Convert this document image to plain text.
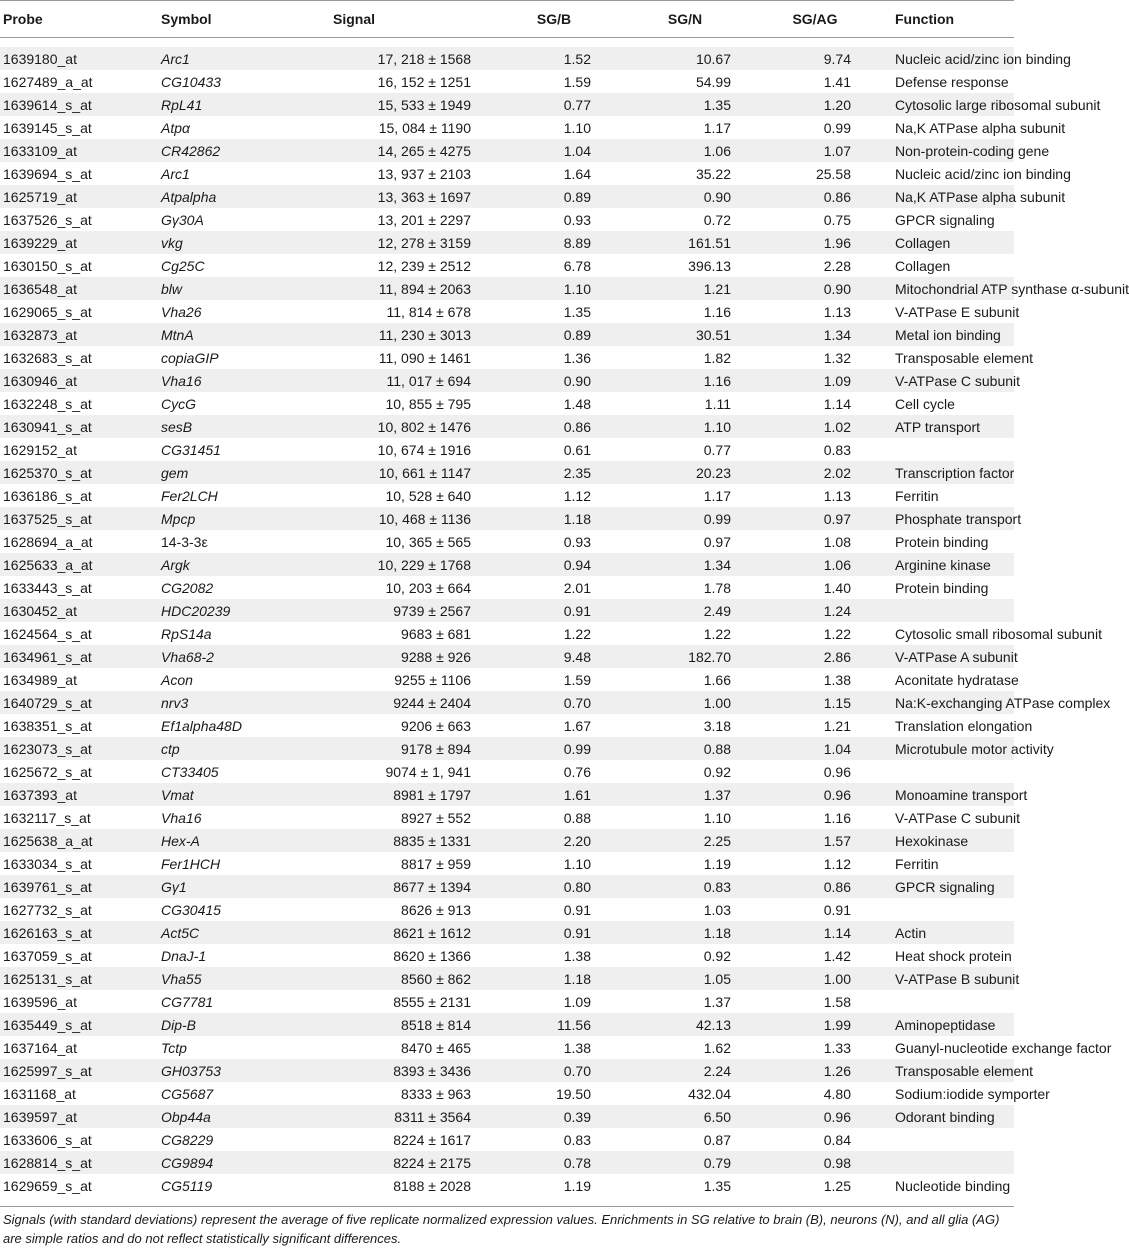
Probe	Symbol	Signal	SG/B	SG/N	SG/AG	Function

1639180_at	Arc1	17, 218 ± 1568	1.52	10.67	9.74	Nucleic acid/zinc ion binding
1627489_a_at	CG10433	16, 152 ± 1251	1.59	54.99	1.41	Defense response
1639614_s_at	RpL41	15, 533 ± 1949	0.77	1.35	1.20	Cytosolic large ribosomal subunit
1639145_s_at	Atpα	15, 084 ± 1190	1.10	1.17	0.99	Na,K ATPase alpha subunit
1633109_at	CR42862	14, 265 ± 4275	1.04	1.06	1.07	Non-protein-coding gene
1639694_s_at	Arc1	13, 937 ± 2103	1.64	35.22	25.58	Nucleic acid/zinc ion binding
1625719_at	Atpalpha	13, 363 ± 1697	0.89	0.90	0.86	Na,K ATPase alpha subunit
1637526_s_at	Gγ30A	13, 201 ± 2297	0.93	0.72	0.75	GPCR signaling
1639229_at	vkg	12, 278 ± 3159	8.89	161.51	1.96	Collagen
1630150_s_at	Cg25C	12, 239 ± 2512	6.78	396.13	2.28	Collagen
1636548_at	blw	11, 894 ± 2063	1.10	1.21	0.90	Mitochondrial ATP synthase α-subunit
1629065_s_at	Vha26	11, 814 ± 678	1.35	1.16	1.13	V-ATPase E subunit
1632873_at	MtnA	11, 230 ± 3013	0.89	30.51	1.34	Metal ion binding
1632683_s_at	copiaGIP	11, 090 ± 1461	1.36	1.82	1.32	Transposable element
1630946_at	Vha16	11, 017 ± 694	0.90	1.16	1.09	V-ATPase C subunit
1632248_s_at	CycG	10, 855 ± 795	1.48	1.11	1.14	Cell cycle
1630941_s_at	sesB	10, 802 ± 1476	0.86	1.10	1.02	ATP transport
1629152_at	CG31451	10, 674 ± 1916	0.61	0.77	0.83	
1625370_s_at	gem	10, 661 ± 1147	2.35	20.23	2.02	Transcription factor
1636186_s_at	Fer2LCH	10, 528 ± 640	1.12	1.17	1.13	Ferritin
1637525_s_at	Mpcp	10, 468 ± 1136	1.18	0.99	0.97	Phosphate transport
1628694_a_at	14-3-3ε	10, 365 ± 565	0.93	0.97	1.08	Protein binding
1625633_a_at	Argk	10, 229 ± 1768	0.94	1.34	1.06	Arginine kinase
1633443_s_at	CG2082	10, 203 ± 664	2.01	1.78	1.40	Protein binding
1630452_at	HDC20239	9739 ± 2567	0.91	2.49	1.24	
1624564_s_at	RpS14a	9683 ± 681	1.22	1.22	1.22	Cytosolic small ribosomal subunit
1634961_s_at	Vha68-2	9288 ± 926	9.48	182.70	2.86	V-ATPase A subunit
1634989_at	Acon	9255 ± 1106	1.59	1.66	1.38	Aconitate hydratase
1640729_s_at	nrv3	9244 ± 2404	0.70	1.00	1.15	Na:K-exchanging ATPase complex
1638351_s_at	Ef1alpha48D	9206 ± 663	1.67	3.18	1.21	Translation elongation
1623073_s_at	ctp	9178 ± 894	0.99	0.88	1.04	Microtubule motor activity
1625672_s_at	CT33405	9074 ± 1, 941	0.76	0.92	0.96	
1637393_at	Vmat	8981 ± 1797	1.61	1.37	0.96	Monoamine transport
1632117_s_at	Vha16	8927 ± 552	0.88	1.10	1.16	V-ATPase C subunit
1625638_a_at	Hex-A	8835 ± 1331	2.20	2.25	1.57	Hexokinase
1633034_s_at	Fer1HCH	8817 ± 959	1.10	1.19	1.12	Ferritin
1639761_s_at	Gγ1	8677 ± 1394	0.80	0.83	0.86	GPCR signaling
1627732_s_at	CG30415	8626 ± 913	0.91	1.03	0.91	
1626163_s_at	Act5C	8621 ± 1612	0.91	1.18	1.14	Actin
1637059_s_at	DnaJ-1	8620 ± 1366	1.38	0.92	1.42	Heat shock protein
1625131_s_at	Vha55	8560 ± 862	1.18	1.05	1.00	V-ATPase B subunit
1639596_at	CG7781	8555 ± 2131	1.09	1.37	1.58	
1635449_s_at	Dip-B	8518 ± 814	11.56	42.13	1.99	Aminopeptidase
1637164_at	Tctp	8470 ± 465	1.38	1.62	1.33	Guanyl-nucleotide exchange factor
1625997_s_at	GH03753	8393 ± 3436	0.70	2.24	1.26	Transposable element
1631168_at	CG5687	8333 ± 963	19.50	432.04	4.80	Sodium:iodide symporter
1639597_at	Obp44a	8311 ± 3564	0.39	6.50	0.96	Odorant binding
1633606_s_at	CG8229	8224 ± 1617	0.83	0.87	0.84	
1628814_s_at	CG9894	8224 ± 2175	0.78	0.79	0.98	
1629659_s_at	CG5119	8188 ± 2028	1.19	1.35	1.25	Nucleotide binding

Signals (with standard deviations) represent the average of five replicate normalized expression values. Enrichments in SG relative to brain (B), neurons (N), and all glia (AG) are simple ratios and do not reflect statistically significant differences.
